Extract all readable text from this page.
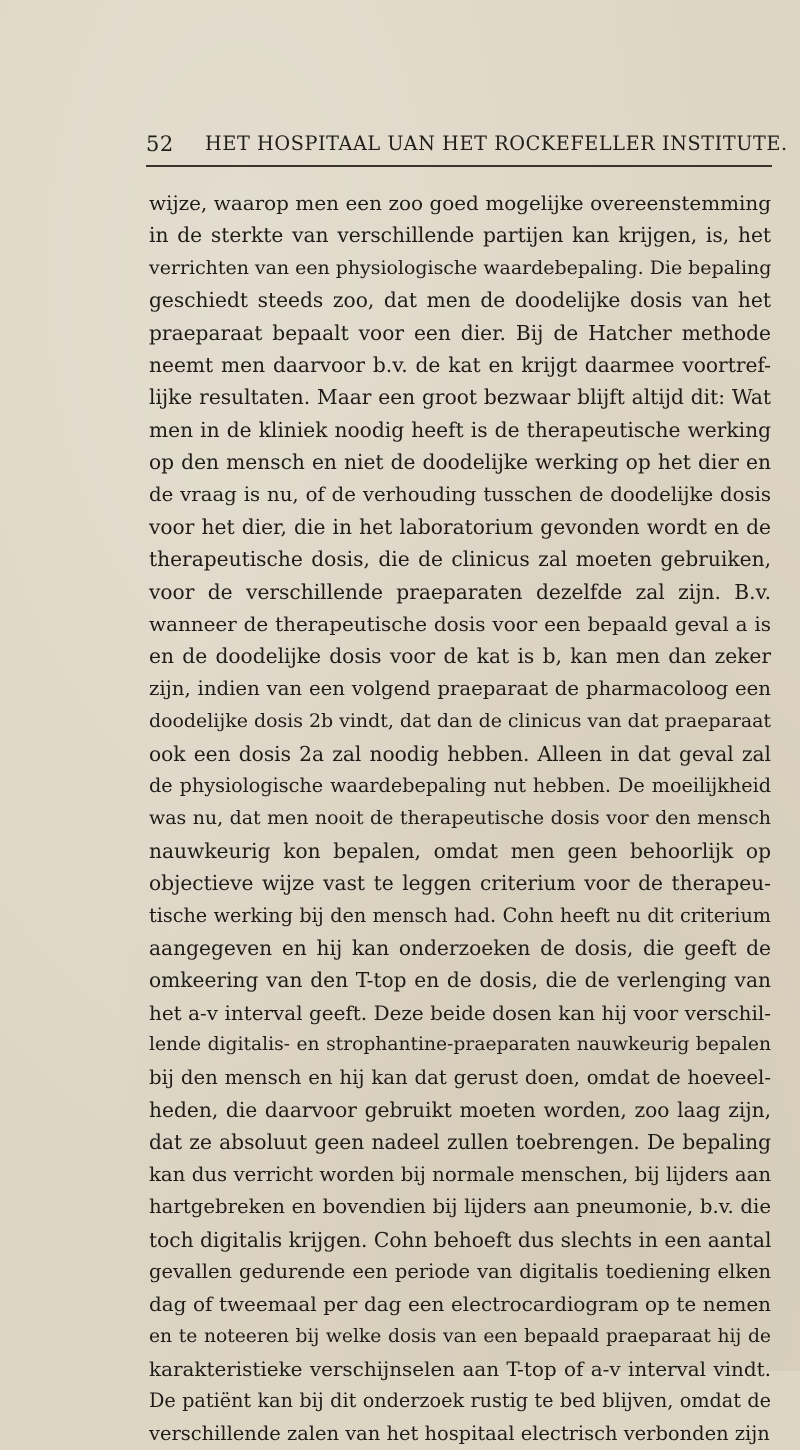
52 HET HOSPITAAL UAN HET ROCKEFELLER INSTITUTE.
wijze, waarop men een zoo goed mogelijke overeenstemming
in de sterkte van verschillende partijen kan krijgen, is, het
verrichten van een physiologische waardebepaling. Die bepaling
geschiedt steeds zoo, dat men de doodelijke dosis van het
praeparaat bepaalt voor een dier. Bij de Hatcher methode
neemt men daarvoor b.v. de kat en krijgt daarmee voortref-
lijke resultaten. Maar een groot bezwaar blijft altijd dit: Wat
men in de kliniek noodig heeft is de therapeutische werking
op den mensch en niet de doodelijke werking op het dier en
de vraag is nu, of de verhouding tusschen de doodelijke dosis
voor het dier, die in het laboratorium gevonden wordt en de
therapeutische dosis, die de clinicus zal moeten gebruiken,
voor de verschillende praeparaten dezelfde zal zijn. B.v.
wanneer de therapeutische dosis voor een bepaald geval a is
en de doodelijke dosis voor de kat is b, kan men dan zeker
zijn, indien van een volgend praeparaat de pharmacoloog een
doodelijke dosis 2b vindt, dat dan de clinicus van dat praeparaat
ook een dosis 2a zal noodig hebben. Alleen in dat geval zal
de physiologische waardebepaling nut hebben. De moeilijkheid
was nu, dat men nooit de therapeutische dosis voor den mensch
nauwkeurig kon bepalen, omdat men geen behoorlijk op
objectieve wijze vast te leggen criterium voor de therapeu-
tische werking bij den mensch had. Cohn heeft nu dit criterium
aangegeven en hij kan onderzoeken de dosis, die geeft de
omkeering van den T-top en de dosis, die de verlenging van
het a-v interval geeft. Deze beide dosen kan hij voor verschil-
lende digitalis- en strophantine-praeparaten nauwkeurig bepalen
bij den mensch en hij kan dat gerust doen, omdat de hoeveel-
heden, die daarvoor gebruikt moeten worden, zoo laag zijn,
dat ze absoluut geen nadeel zullen toebrengen. De bepaling
kan dus verricht worden bij normale menschen, bij lijders aan
hartgebreken en bovendien bij lijders aan pneumonie, b.v. die
toch digitalis krijgen. Cohn behoeft dus slechts in een aantal
gevallen gedurende een periode van digitalis toediening elken
dag of tweemaal per dag een electrocardiogram op te nemen
en te noteeren bij welke dosis van een bepaald praeparaat hij de
karakteristieke verschijnselen aan T-top of a-v interval vindt.
De patiënt kan bij dit onderzoek rustig te bed blijven, omdat de
verschillende zalen van het hospitaal electrisch verbonden zijn
